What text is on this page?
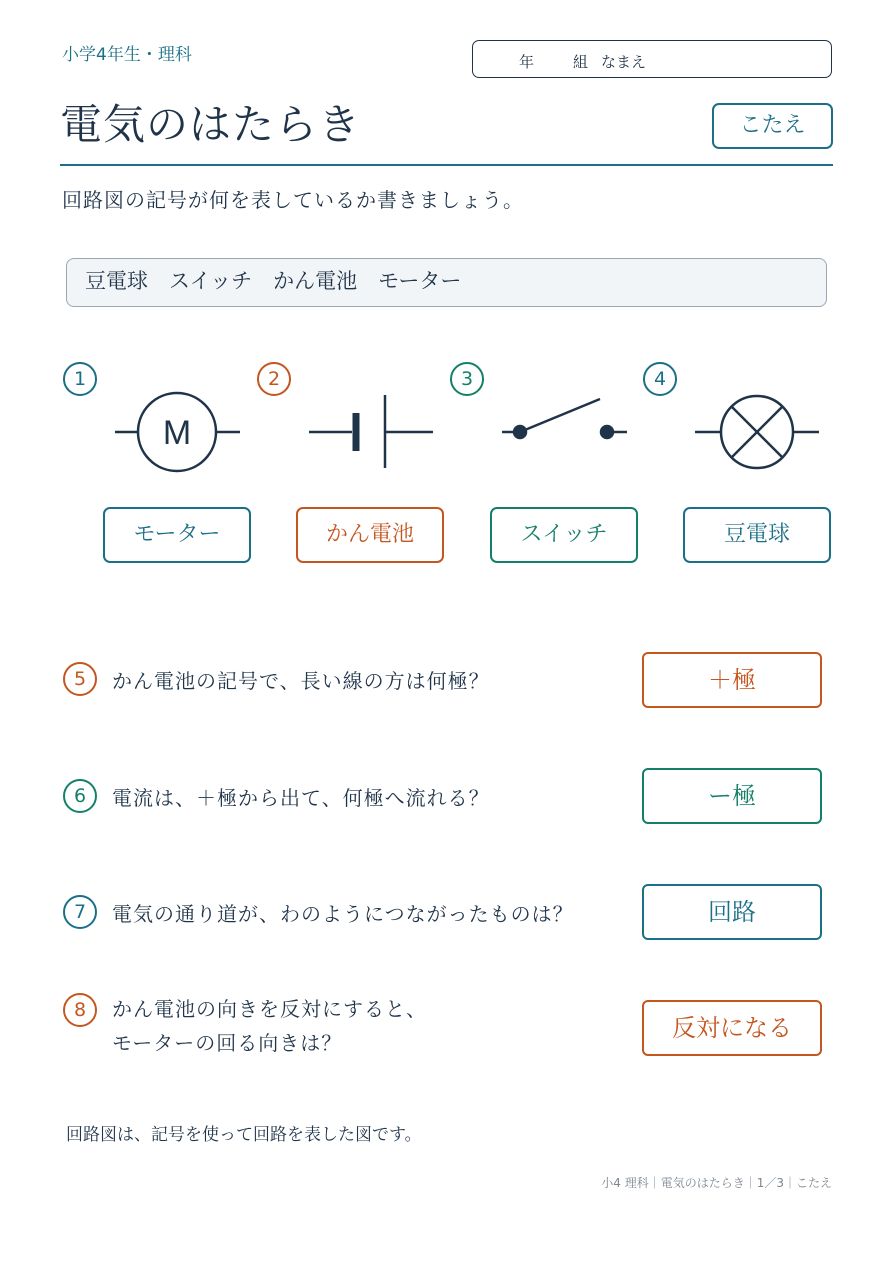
小学4年生・理科	年	組 なまえ
電気のはたらき	こたえ
回路図の記号が何を表しているか書きましょう。
豆電球　スイッチ　かん電池　モーター
1	2	3	4
M
モーター	かん電池	スイッチ	豆電球
5	かん電池の記号で、長い線の方は何極？	＋極
6	電流は、＋極から出て、何極へ流れる？	ー極
7	電気の通り道が、わのようにつながったものは？	回路
8	かん電池の向きを反対にすると、
モーターの回る向きは？
反対になる
回路図は、記号を使って回路を表した図です。
小4 理科｜電気のはたらき｜1／3｜こたえ
